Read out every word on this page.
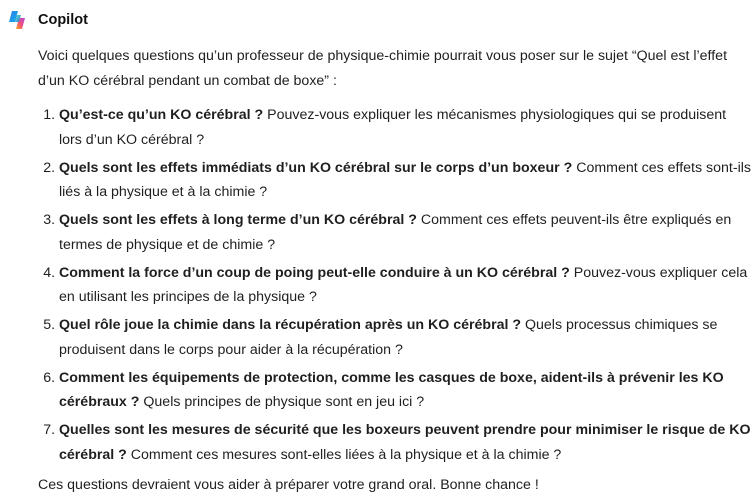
Copilot

Voici quelques questions qu’un professeur de physique-chimie pourrait vous poser sur le sujet “Quel est l’effet d’un KO cérébral pendant un combat de boxe” :

1. Qu’est-ce qu’un KO cérébral ? Pouvez-vous expliquer les mécanismes physiologiques qui se produisent lors d’un KO cérébral ?
2. Quels sont les effets immédiats d’un KO cérébral sur le corps d’un boxeur ? Comment ces effets sont-ils liés à la physique et à la chimie ?
3. Quels sont les effets à long terme d’un KO cérébral ? Comment ces effets peuvent-ils être expliqués en termes de physique et de chimie ?
4. Comment la force d’un coup de poing peut-elle conduire à un KO cérébral ? Pouvez-vous expliquer cela en utilisant les principes de la physique ?
5. Quel rôle joue la chimie dans la récupération après un KO cérébral ? Quels processus chimiques se produisent dans le corps pour aider à la récupération ?
6. Comment les équipements de protection, comme les casques de boxe, aident-ils à prévenir les KO cérébraux ? Quels principes de physique sont en jeu ici ?
7. Quelles sont les mesures de sécurité que les boxeurs peuvent prendre pour minimiser le risque de KO cérébral ? Comment ces mesures sont-elles liées à la physique et à la chimie ?

Ces questions devraient vous aider à préparer votre grand oral. Bonne chance !
